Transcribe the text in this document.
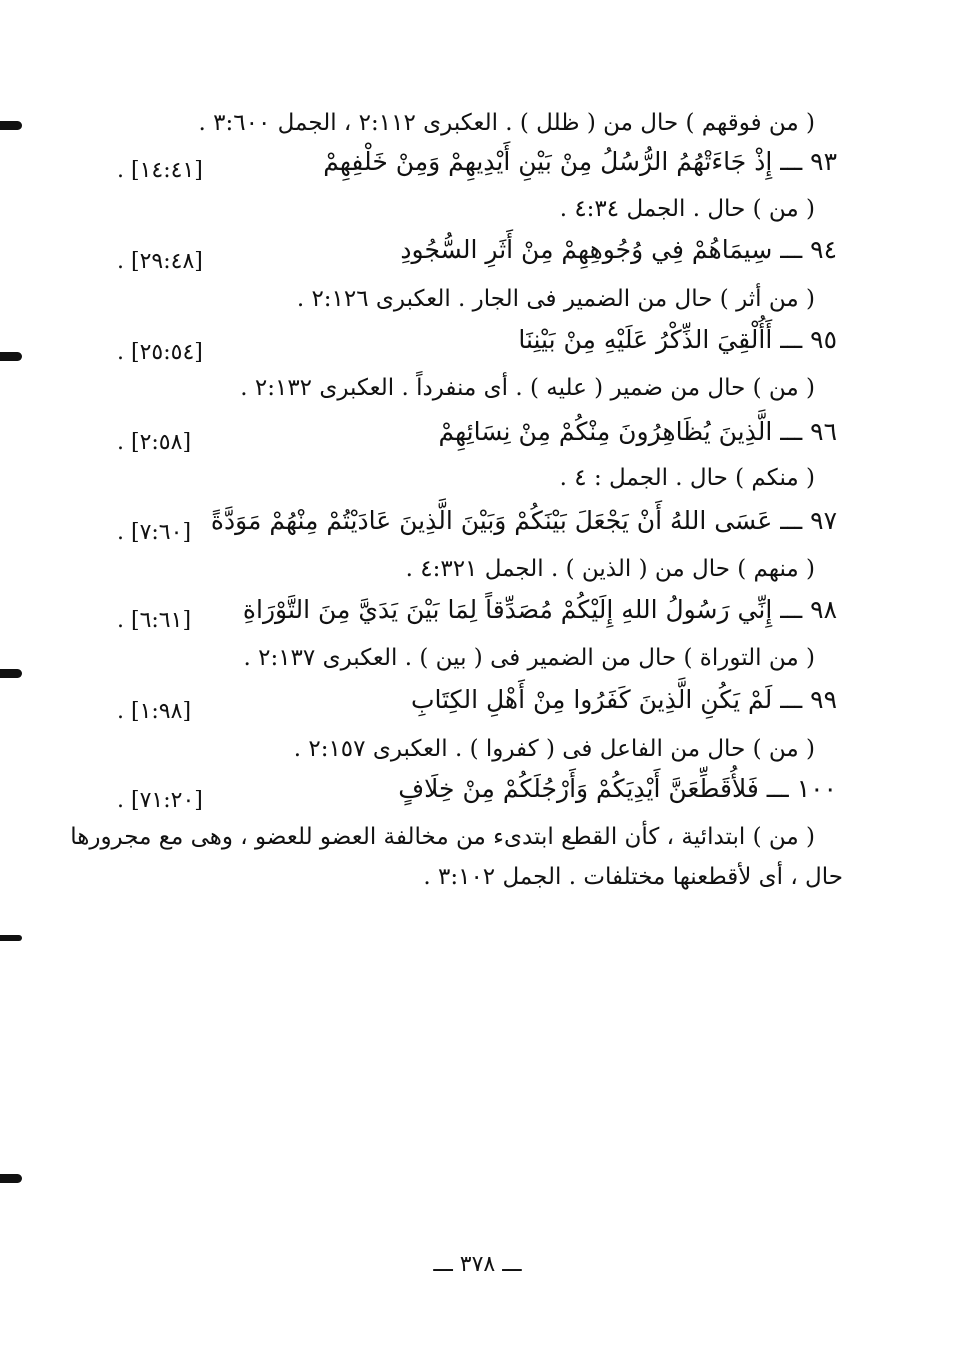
( من فوقهم ) حال من ( ظلل ) . العكبرى ٢:١١٢ ، الجمل ٣:٦٠٠ .
٩٣ ـــ إِذْ جَاءَتْهُمُ الرُّسُلُ مِنْ بَيْنِ أَيْدِيهِمْ وَمِنْ خَلْفِهِمْ
[١٤:٤١] .
( من ) حال . الجمل ٤:٣٤ .
٩٤ ـــ سِيمَاهُمْ فِي وُجُوهِهِمْ مِنْ أَثَرِ السُّجُودِ
[٢٩:٤٨] .
( من أثر ) حال من الضمير فى الجار . العكبرى ٢:١٢٦ .
٩٥ ـــ أَأُلْقِيَ الذِّكْرُ عَلَيْهِ مِنْ بَيْنِنَا
[٢٥:٥٤] .
( من ) حال من ضمير ( عليه ) . أى منفرداً . العكبرى ٢:١٣٢ .
٩٦ ـــ الَّذِينَ يُظَاهِرُونَ مِنْكُمْ مِنْ نِسَائِهِمْ
[٢:٥٨] .
( منكم ) حال . الجمل : ٤ .
٩٧ ـــ عَسَى اللهُ أَنْ يَجْعَلَ بَيْنَكُمْ وَبَيْنَ الَّذِينَ عَادَيْتُمْ مِنْهُمْ مَوَدَّةً
[٧:٦٠] .
( منهم ) حال من ( الذين ) . الجمل ٤:٣٢١ .
٩٨ ـــ إِنِّي رَسُولُ اللهِ إِلَيْكُمْ مُصَدِّقاً لِمَا بَيْنَ يَدَيَّ مِنَ التَّوْرَاةِ
[٦:٦١] .
( من التوراة ) حال من الضمير فى ( بين ) . العكبرى ٢:١٣٧ .
٩٩ ـــ لَمْ يَكُنِ الَّذِينَ كَفَرُوا مِنْ أَهْلِ الكِتَابِ
[١:٩٨] .
( من ) حال من الفاعل فى ( كفروا ) . العكبرى ٢:١٥٧ .
١٠٠ ـــ فَلأُقَطِّعَنَّ أَيْدِيَكُمْ وَأَرْجُلَكُمْ مِنْ خِلَافٍ
[٧١:٢٠] .
( من ) ابتدائية ، كأن القطع ابتدىء من مخالفة العضو للعضو ، وهى مع مجرورها
حال ، أى لأقطعنها مختلفات . الجمل ٣:١٠٢ .
ـــ ٣٧٨ ـــ
